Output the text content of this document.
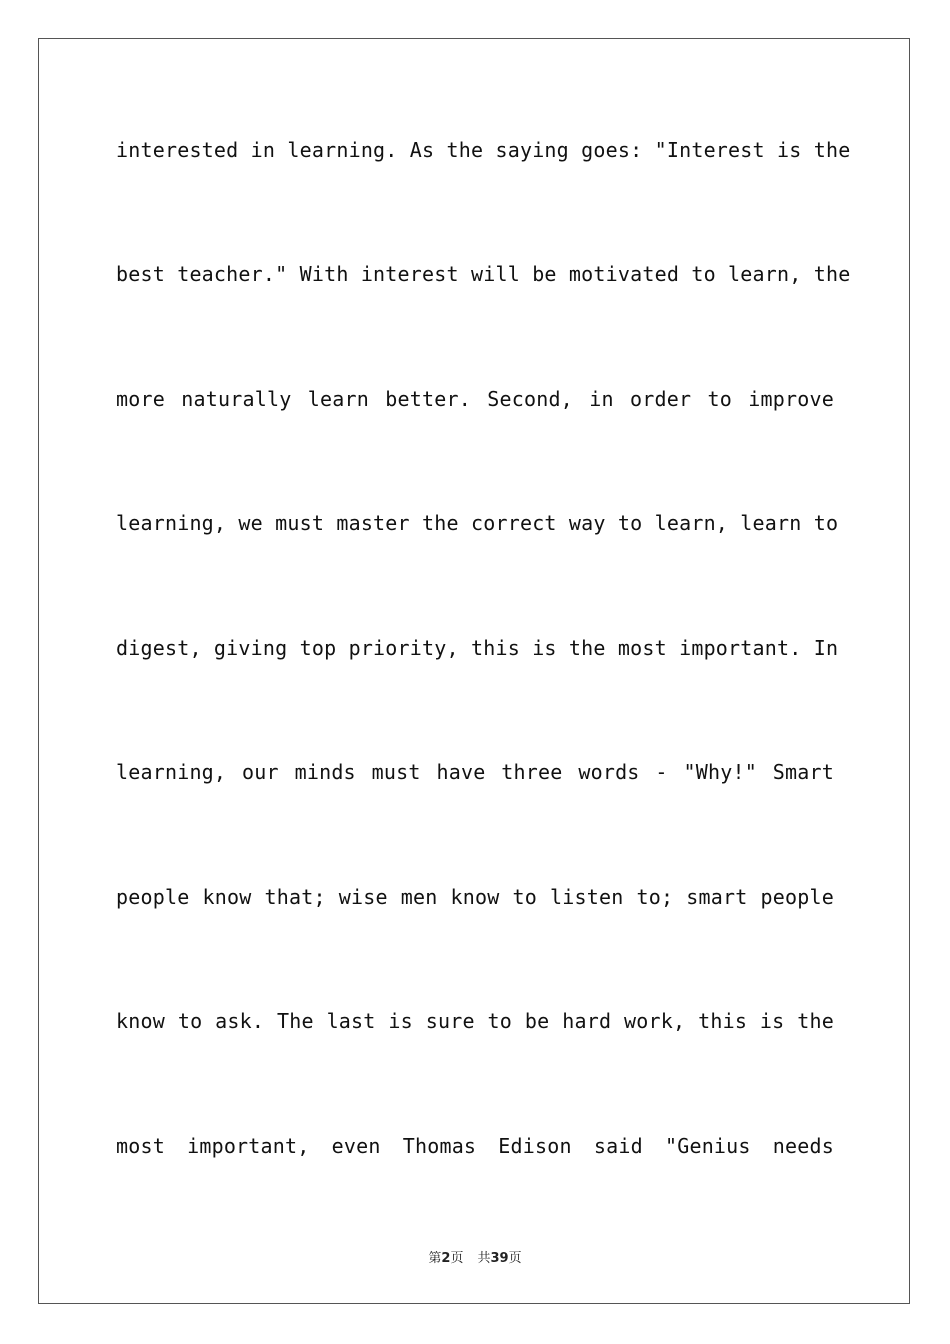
interested in learning. As the saying goes: "Interest is the
best teacher." With interest will be motivated to learn, the
more naturally learn better. Second, in order to improve
learning, we must master the correct way to learn, learn to
digest, giving top priority, this is the most important. In
learning, our minds must have three words - "Why!" Smart
people know that; wise men know to listen to; smart people
know to ask. The last is sure to be hard work, this is the
most important, even Thomas Edison said "Genius needs
第2页 共39页
